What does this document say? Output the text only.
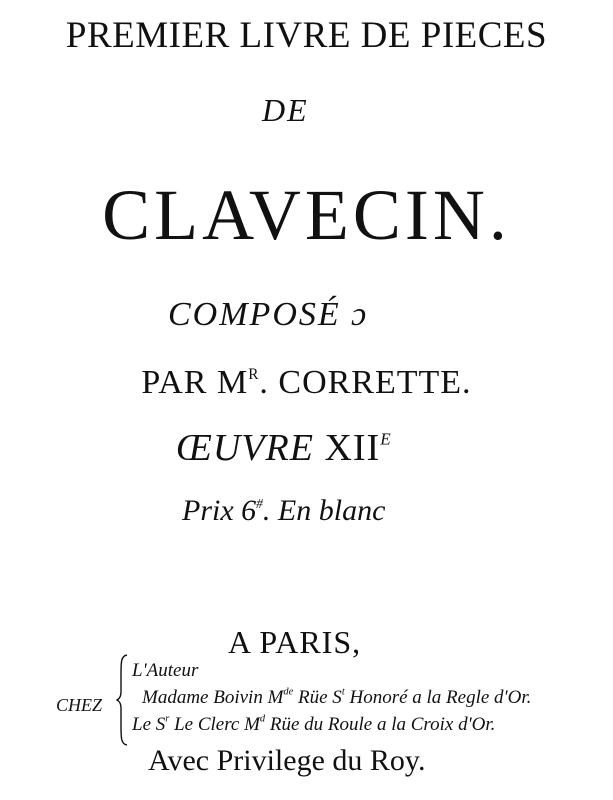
PREMIER LIVRE DE PIECES
DE
CLAVECIN.
COMPOSÉ ɔ
PAR $M^R$. CORRETTE.
ŒUVRE $XII^E$
Prix 6#. En blanc
A PARIS,
CHEZ
L'Auteur
Madame Boivin Mde Rüe $S^t$ Honoré a la Regle d'Or.
Le $S^r$ Le Clerc $M^d$ Rüe du Roule a la Croix d'Or.
Avec Privilege du Roy.
